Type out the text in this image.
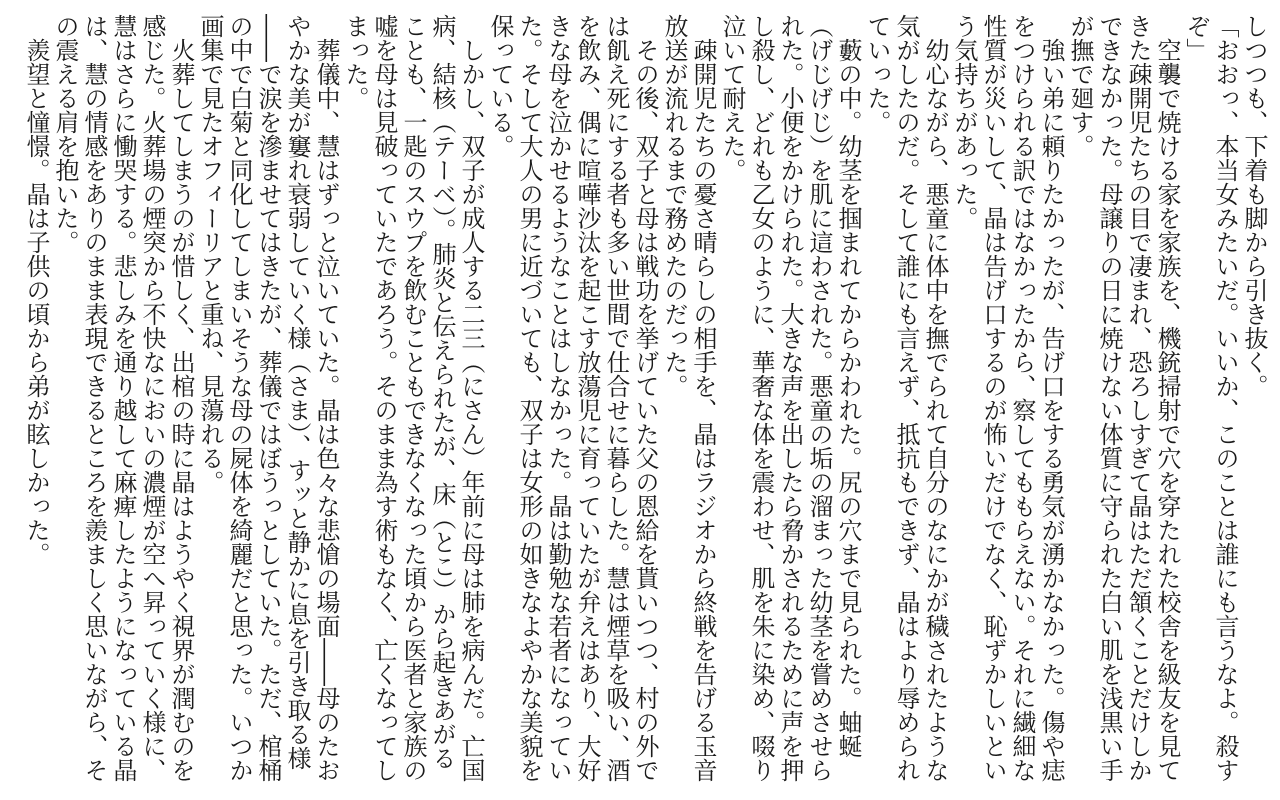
しつつも、下着も脚から引き抜く。

「おおっ、本当女みたいだ。いいか、このことは誰にも言うなよ。殺すぞ」

空襲で焼ける家を家族を、機銃掃射で穴を穿たれた校舎を級友を見てきた疎開児たちの目で凄まれ、恐ろしすぎて晶はただ頷くことだけしかできなかった。母譲りの日に焼けない体質に守られた白い肌を浅黒い手が撫で廻す。

強い弟に頼りたかったが、告げ口をする勇気が湧かなかった。傷や痣をつけられる訳ではなかったから、察してももらえない。それに繊細な性質が災いして、晶は告げ口するのが怖いだけでなく、恥ずかしいという気持ちがあった。

幼心ながら、悪童に体中を撫でられて自分のなにかが穢されたような気がしたのだ。そして誰にも言えず、抵抗もできず、晶はより辱められていった。

藪の中。幼茎を掴まれてからかわれた。尻の穴まで見られた。蚰蜒（げじげじ）を肌に這わされた。悪童の垢の溜まった幼茎を嘗めさせられた。小便をかけられた。大きな声を出したら脅かされるために声を押し殺し、どれも乙女のように、華奢な体を震わせ、肌を朱に染め、啜り泣いて耐えた。

疎開児たちの憂さ晴らしの相手を、晶はラジオから終戦を告げる玉音放送が流れるまで務めたのだった。

その後、双子と母は戦功を挙げていた父の恩給を貰いつつ、村の外では飢え死にする者も多い世間で仕合せに暮らした。慧は煙草を吸い、酒を飲み、偶に喧嘩沙汰を起こす放蕩児に育っていたが弁えはあり、大好きな母を泣かせるようなことはしなかった。晶は勤勉な若者になっていた。そして大人の男に近づいても、双子は女形の如きなよやかな美貌を保っている。

しかし、双子が成人する二三（にさん）年前に母は肺を病んだ。亡国病、結核（テーベ）。肺炎と伝えられたが、床（とこ）から起きあがることも、一匙のスウプを飲むこともできなくなった頃から医者と家族の嘘を母は見破っていたであろう。そのまま為す術もなく、亡くなってしまった。

葬儀中、慧はずっと泣いていた。晶は色々な悲愴の場面――母のたおやかな美が窶れ衰弱していく様（さま）、すッと静かに息を引き取る様――で涙を滲ませてはきたが、葬儀ではぼうっとしていた。ただ、棺桶の中で白菊と同化してしまいそうな母の屍体を綺麗だと思った。いつか画集で見たオフィーリアと重ね、見蕩れる。

火葬してしまうのが惜しく、出棺の時に晶はようやく視界が潤むのを感じた。火葬場の煙突から不快なにおいの濃煙が空へ昇っていく様に、慧はさらに慟哭する。悲しみを通り越して麻痺したようになっている晶は、慧の情感をありのまま表現できるところを羨ましく思いながら、その震える肩を抱いた。

羨望と憧憬。晶は子供の頃から弟が眩しかった。
